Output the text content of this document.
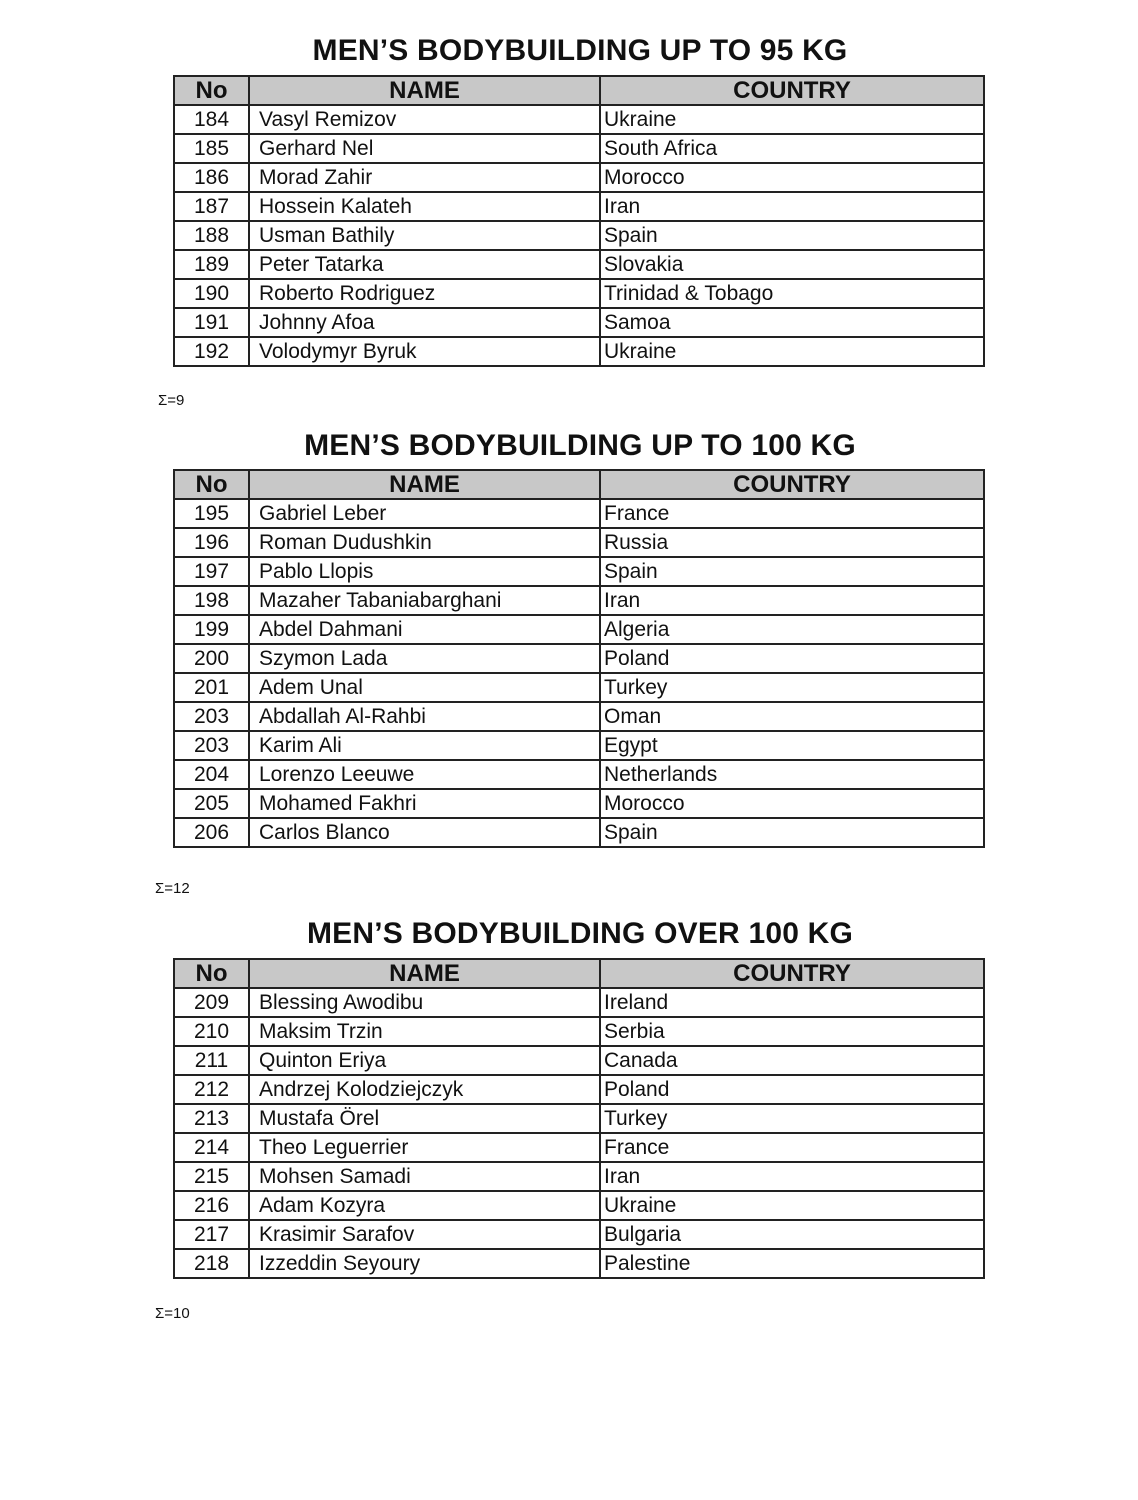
MEN’S BODYBUILDING UP TO 95 KG
No	NAME	COUNTRY
184	Vasyl Remizov	Ukraine
185	Gerhard Nel	South Africa
186	Morad Zahir	Morocco
187	Hossein Kalateh	Iran
188	Usman Bathily	Spain
189	Peter Tatarka	Slovakia
190	Roberto Rodriguez	Trinidad & Tobago
191	Johnny Afoa	Samoa
192	Volodymyr Byruk	Ukraine
Σ=9
MEN’S BODYBUILDING UP TO 100 KG
No	NAME	COUNTRY
195	Gabriel Leber	France
196	Roman Dudushkin	Russia
197	Pablo Llopis	Spain
198	Mazaher Tabaniabarghani	Iran
199	Abdel Dahmani	Algeria
200	Szymon Lada	Poland
201	Adem Unal	Turkey
203	Abdallah Al-Rahbi	Oman
203	Karim Ali	Egypt
204	Lorenzo Leeuwe	Netherlands
205	Mohamed Fakhri	Morocco
206	Carlos Blanco	Spain
Σ=12
MEN’S BODYBUILDING OVER 100 KG
No	NAME	COUNTRY
209	Blessing Awodibu	Ireland
210	Maksim Trzin	Serbia
211	Quinton Eriya	Canada
212	Andrzej Kolodziejczyk	Poland
213	Mustafa Örel	Turkey
214	Theo Leguerrier	France
215	Mohsen Samadi	Iran
216	Adam Kozyra	Ukraine
217	Krasimir Sarafov	Bulgaria
218	Izzeddin Seyoury	Palestine
Σ=10
